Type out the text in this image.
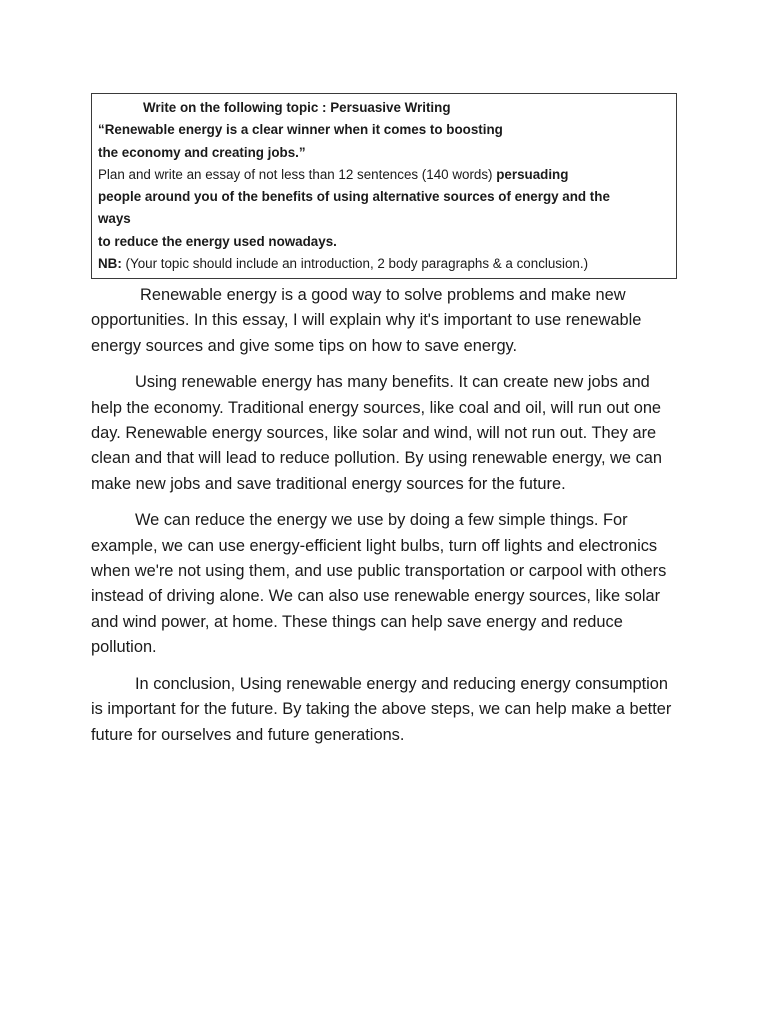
Write on the following topic : Persuasive Writing
“Renewable energy is a clear winner when it comes to boosting
the economy and creating jobs.”
Plan and write an essay of not less than 12 sentences (140 words) persuading
people around you of the benefits of using alternative sources of energy and the
ways
to reduce the energy used nowadays.
NB: (Your topic should include an introduction, 2 body paragraphs & a conclusion.)

Renewable energy is a good way to solve problems and make new opportunities. In this essay, I will explain why it's important to use renewable energy sources and give some tips on how to save energy.

Using renewable energy has many benefits. It can create new jobs and help the economy. Traditional energy sources, like coal and oil, will run out one day. Renewable energy sources, like solar and wind, will not run out. They are clean and that will lead to reduce pollution. By using renewable energy, we can make new jobs and save traditional energy sources for the future.

We can reduce the energy we use by doing a few simple things. For example, we can use energy-efficient light bulbs, turn off lights and electronics when we're not using them, and use public transportation or carpool with others instead of driving alone. We can also use renewable energy sources, like solar and wind power, at home. These things can help save energy and reduce pollution.

In conclusion, Using renewable energy and reducing energy consumption is important for the future. By taking the above steps, we can help make a better future for ourselves and future generations.
